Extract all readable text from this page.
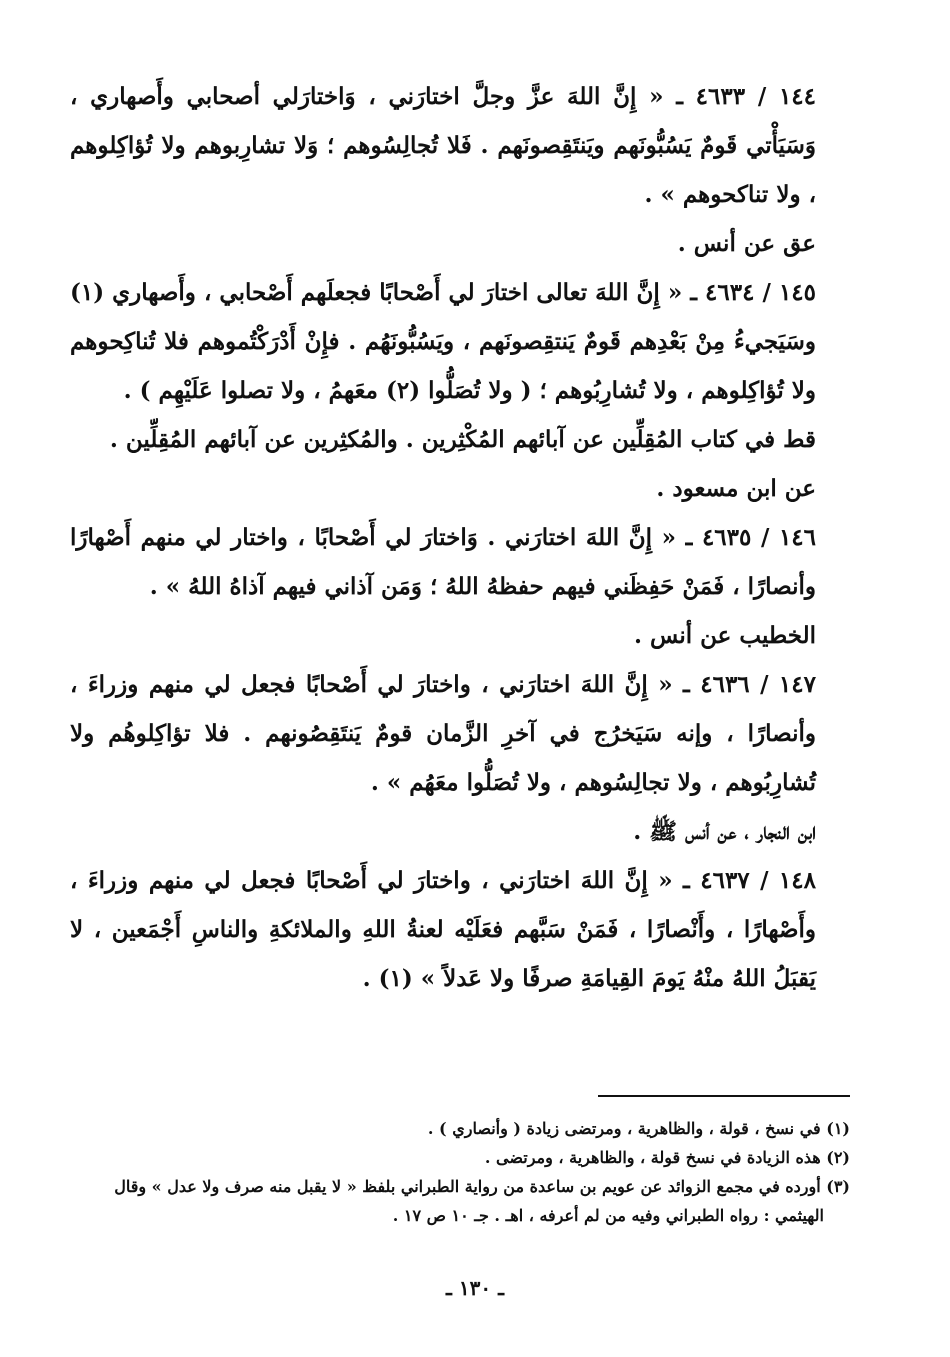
١٤٤ / ٤٦٣٣ ـ « إِنَّ اللهَ عزَّ وجلَّ اختارَني ، وَاختارَلي أصحابي وأَصهاري ، وَسَيَأْتي قَومٌ يَسُبُّونَهم ويَنتَقِصونَهم . فَلا تُجالِسُوهم ؛ وَلا تشارِبوهم ولا تُؤاكِلوهم ، ولا تناكحوهم » .

عق عن أنس .

١٤٥ / ٤٦٣٤ ـ « إِنَّ اللهَ تعالى اختارَ لي أَصْحابًا فجعلَهم أَصْحابي ، وأَصهاري (١) وسَيَجيءُ مِنْ بَعْدِهم قَومٌ يَنتقِصونَهم ، ويَسُبُّونَهُم . فإِنْ أَدْرَكْتُموهم فلا تُناكِحوهم ولا تُؤاكِلوهم ، ولا تُشارِبُوهم ؛ ( ولا تُصَلُّوا (٢) معَهمُ ، ولا تصلوا عَلَيْهِم ) .

قط في كتاب المُقِلِّين عن آبائهم المُكْثِرين . والمُكثِرين عن آبائهم المُقِلِّين .

عن ابن مسعود .

١٤٦ / ٤٦٣٥ ـ « إِنَّ اللهَ اختارَني . وَاختارَ لي أَصْحابًا ، واختار لي منهم أَصْهارًا وأنصارًا ، فَمَنْ حَفِظَني فيهم حفظهُ اللهُ ؛ وَمَن آذاني فيهم آذاهُ اللهُ » .

الخطيب عن أنس .

١٤٧ / ٤٦٣٦ ـ « إِنَّ اللهَ اختارَني ، واختارَ لي أَصْحابًا فجعل لي منهم وزراءَ ، وأنصارًا ، وإنه سَيَخرُج في آخرِ الزَّمان قومٌ يَنتَقِصُونهم . فلا تؤاكِلوهُم ولا تُشارِبُوهم ، ولا تجالِسُوهم ، ولا تُصَلُّوا معَهُم » .

ابن النجار ، عن أنس ﷺ .

١٤٨ / ٤٦٣٧ ـ « إِنَّ اللهَ اختارَني ، واختارَ لي أَصْحابًا فجعل لي منهم وزراءَ ، وأَصْهارًا ، وأَنْصارًا ، فَمَنْ سَبَّهم فعَلَيْه لعنةُ اللهِ والملائكةِ والناسِ أَجْمَعين ، لا يَقبَلُ اللهُ منْهُ يَومَ القِيامَةِ صرفًا ولا عَدلاً » (١) .

(١) في نسخ ، قولة ، والظاهرية ، ومرتضى زيادة ( وأنصاري ) .

(٢) هذه الزيادة في نسخ قولة ، والظاهرية ، ومرتضى .

(٣) أورده في مجمع الزوائد عن عويم بن ساعدة من رواية الطبراني بلفظ « لا يقبل منه صرف ولا عدل » وقال

الهيثمي : رواه الطبراني وفيه من لم أعرفه ، اهـ . جـ ١٠ ص ١٧ .

ـ ١٣٠ ـ
